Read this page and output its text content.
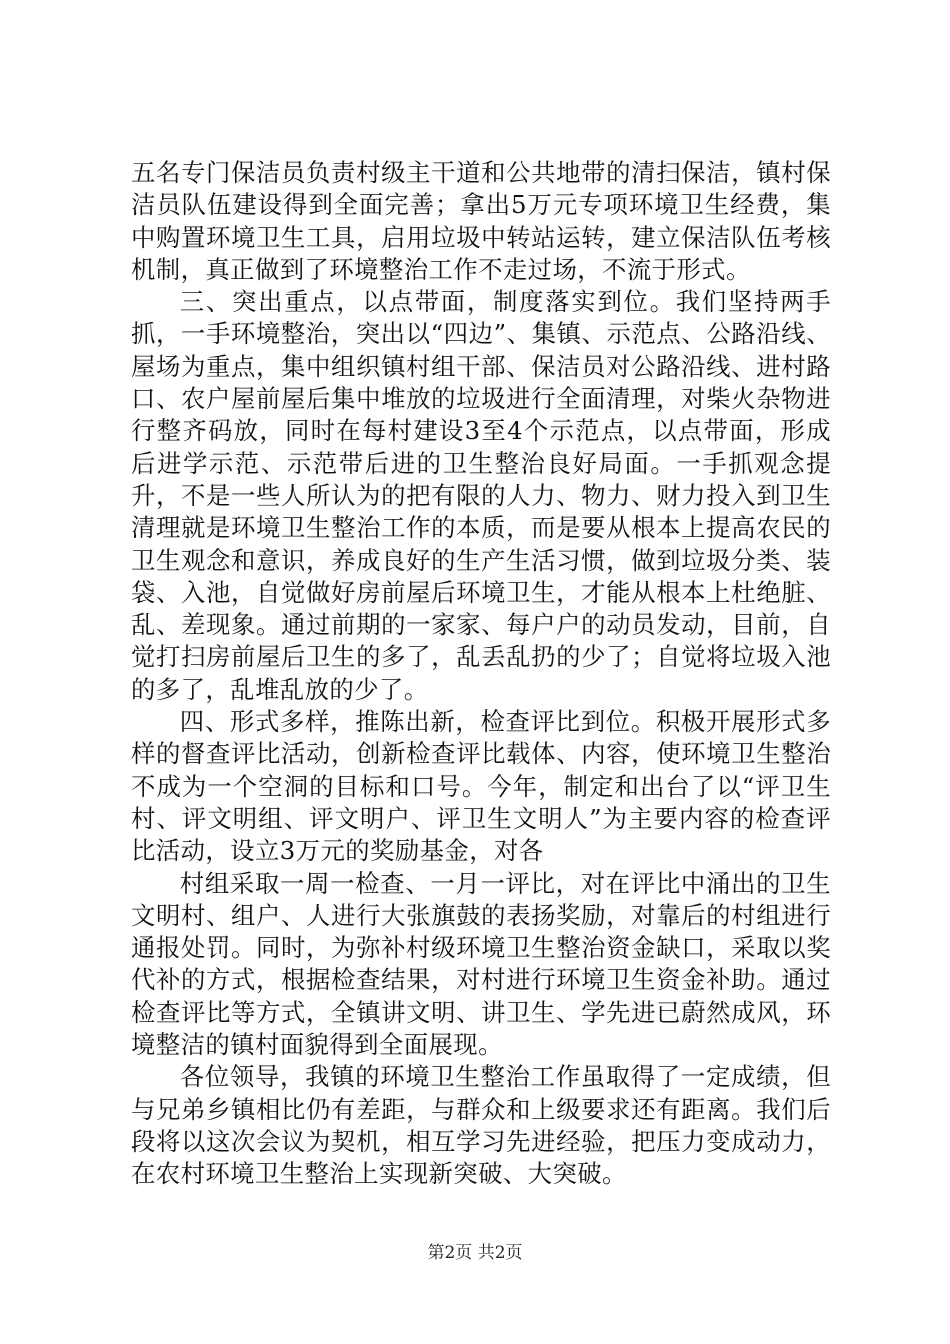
五名专门保洁员负责村级主干道和公共地带的清扫保洁，镇村保洁员队伍建设得到全面完善；拿出5万元专项环境卫生经费，集中购置环境卫生工具，启用垃圾中转站运转，建立保洁队伍考核机制，真正做到了环境整治工作不走过场，不流于形式。

三、突出重点，以点带面，制度落实到位。我们坚持两手抓，一手环境整治，突出以“四边”、集镇、示范点、公路沿线、屋场为重点，集中组织镇村组干部、保洁员对公路沿线、进村路口、农户屋前屋后集中堆放的垃圾进行全面清理，对柴火杂物进行整齐码放，同时在每村建设3至4个示范点，以点带面，形成后进学示范、示范带后进的卫生整治良好局面。一手抓观念提升，不是一些人所认为的把有限的人力、物力、财力投入到卫生清理就是环境卫生整治工作的本质，而是要从根本上提高农民的卫生观念和意识，养成良好的生产生活习惯，做到垃圾分类、装袋、入池，自觉做好房前屋后环境卫生，才能从根本上杜绝脏、乱、差现象。通过前期的一家家、每户户的动员发动，目前，自觉打扫房前屋后卫生的多了，乱丢乱扔的少了；自觉将垃圾入池的多了，乱堆乱放的少了。

四、形式多样，推陈出新，检查评比到位。积极开展形式多样的督查评比活动，创新检查评比载体、内容，使环境卫生整治不成为一个空洞的目标和口号。今年，制定和出台了以“评卫生村、评文明组、评文明户、评卫生文明人”为主要内容的检查评比活动，设立3万元的奖励基金，对各

村组采取一周一检查、一月一评比，对在评比中涌出的卫生文明村、组户、人进行大张旗鼓的表扬奖励，对靠后的村组进行通报处罚。同时，为弥补村级环境卫生整治资金缺口，采取以奖代补的方式，根据检查结果，对村进行环境卫生资金补助。通过检查评比等方式，全镇讲文明、讲卫生、学先进已蔚然成风，环境整洁的镇村面貌得到全面展现。

各位领导，我镇的环境卫生整治工作虽取得了一定成绩，但与兄弟乡镇相比仍有差距，与群众和上级要求还有距离。我们后段将以这次会议为契机，相互学习先进经验，把压力变成动力，在农村环境卫生整治上实现新突破、大突破。

第2页 共2页
